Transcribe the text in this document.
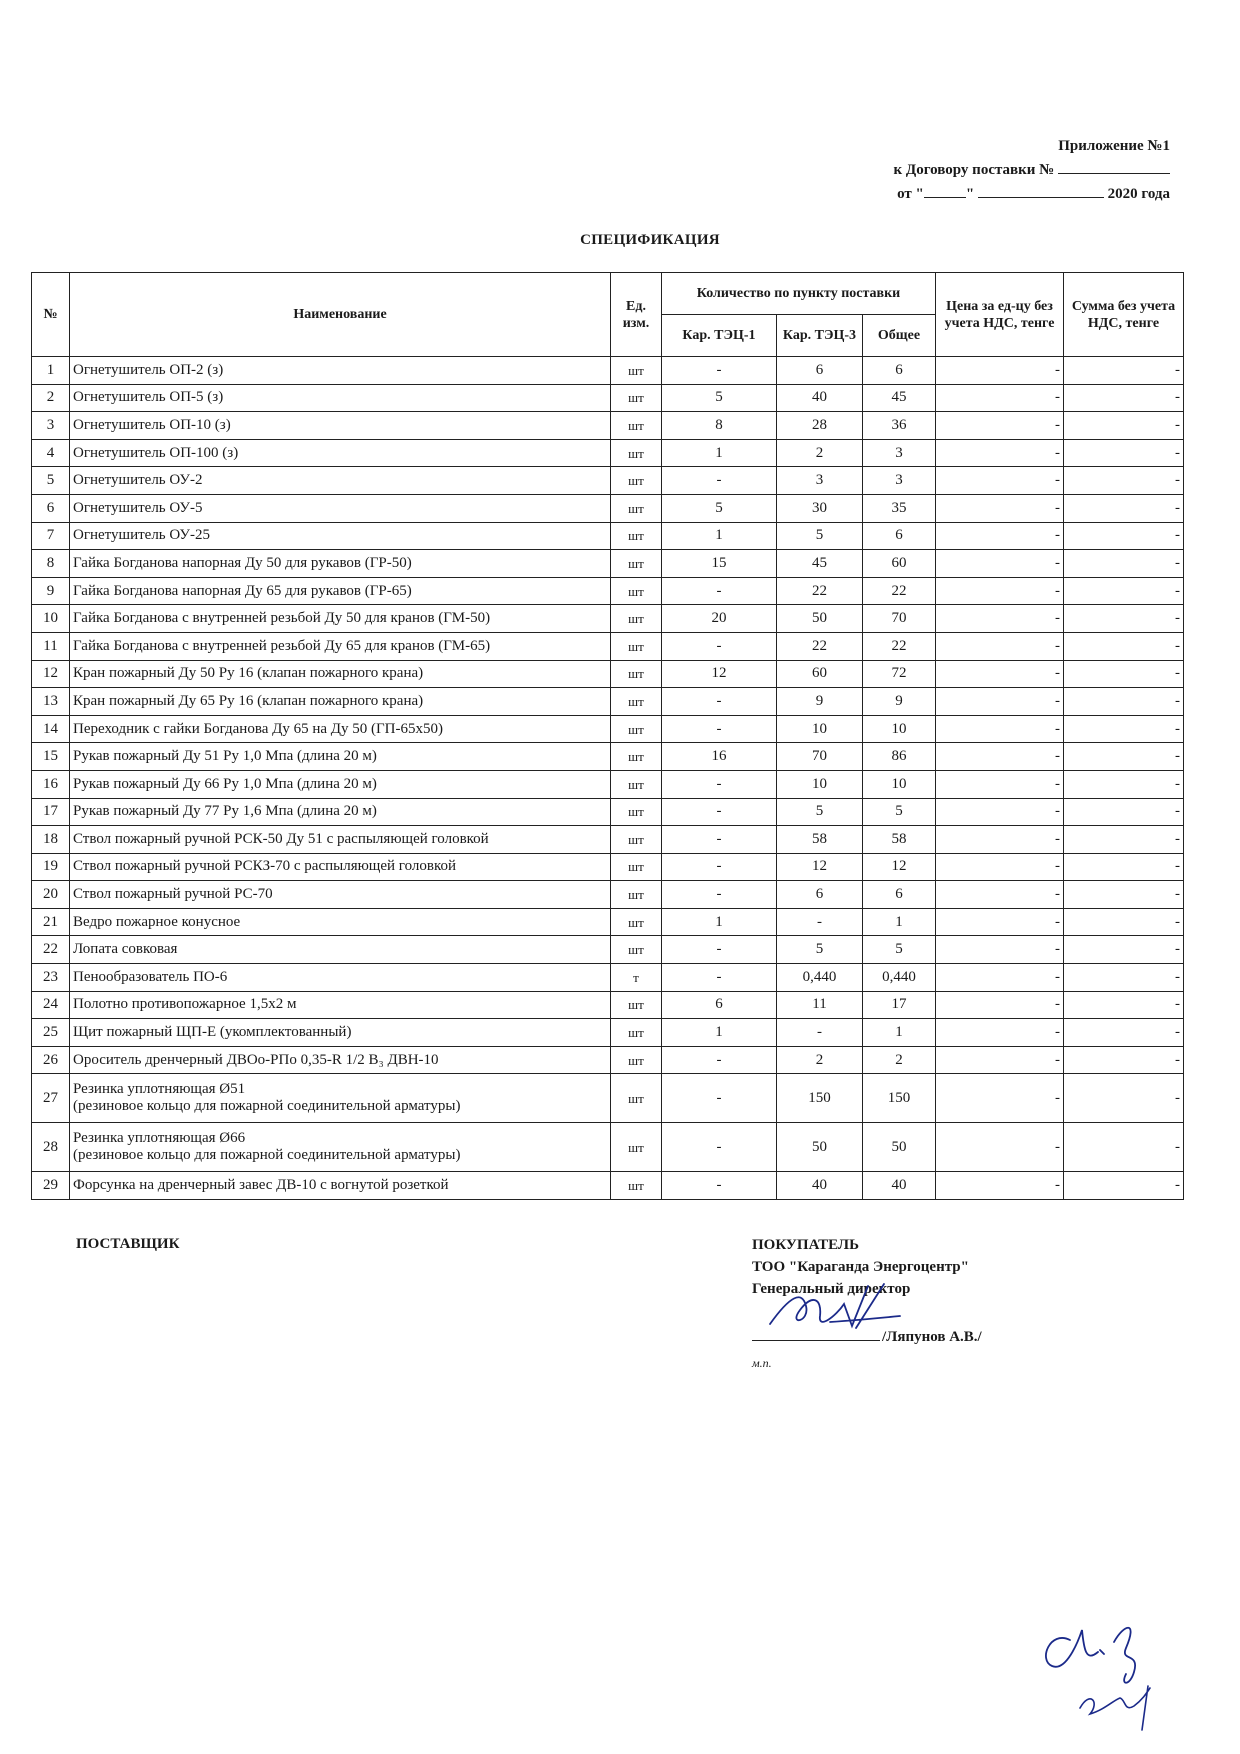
Приложение №1
к Договору поставки №
от "	"	2020 года
СПЕЦИФИКАЦИЯ
№	Наименование	Ед. изм.	Количество по пункту поставки			Цена за ед-цу без учета НДС, тенге	Сумма без учета НДС, тенге
			Кар. ТЭЦ-1	Кар. ТЭЦ-3	Общее		
1	Огнетушитель ОП-2 (з)	шт	-	6	6	-	-
2	Огнетушитель ОП-5 (з)	шт	5	40	45	-	-
3	Огнетушитель ОП-10 (з)	шт	8	28	36	-	-
4	Огнетушитель ОП-100 (з)	шт	1	2	3	-	-
5	Огнетушитель ОУ-2	шт	-	3	3	-	-
6	Огнетушитель ОУ-5	шт	5	30	35	-	-
7	Огнетушитель ОУ-25	шт	1	5	6	-	-
8	Гайка Богданова напорная Ду 50 для рукавов (ГР-50)	шт	15	45	60	-	-
9	Гайка Богданова напорная Ду 65 для рукавов (ГР-65)	шт	-	22	22	-	-
10	Гайка Богданова с внутренней резьбой Ду 50 для кранов (ГМ-50)	шт	20	50	70	-	-
11	Гайка Богданова с внутренней резьбой Ду 65 для кранов (ГМ-65)	шт	-	22	22	-	-
12	Кран пожарный Ду 50 Ру 16 (клапан пожарного крана)	шт	12	60	72	-	-
13	Кран пожарный Ду 65 Ру 16 (клапан пожарного крана)	шт	-	9	9	-	-
14	Переходник с гайки Богданова Ду 65 на Ду 50 (ГП-65х50)	шт	-	10	10	-	-
15	Рукав пожарный Ду 51 Ру 1,0 Мпа (длина 20 м)	шт	16	70	86	-	-
16	Рукав пожарный Ду 66 Ру 1,0 Мпа (длина 20 м)	шт	-	10	10	-	-
17	Рукав пожарный Ду 77 Ру 1,6 Мпа (длина 20 м)	шт	-	5	5	-	-
18	Ствол пожарный ручной РСК-50 Ду 51 с распыляющей головкой	шт	-	58	58	-	-
19	Ствол пожарный ручной РСКЗ-70 с распыляющей головкой	шт	-	12	12	-	-
20	Ствол пожарный ручной РС-70	шт	-	6	6	-	-
21	Ведро пожарное конусное	шт	1	-	1	-	-
22	Лопата совковая	шт	-	5	5	-	-
23	Пенообразователь ПО-6	т	-	0,440	0,440	-	-
24	Полотно противопожарное 1,5х2 м	шт	6	11	17	-	-
25	Щит пожарный ЩП-Е (укомплектованный)	шт	1	-	1	-	-
26	Ороситель дренчерный ДВОо-РПо 0,35-R 1/2 В₃ ДВН-10	шт	-	2	2	-	-
27	Резинка уплотняющая Ø51
(резиновое кольцо для пожарной соединительной арматуры)	шт	-	150	150	-	-
28	Резинка уплотняющая Ø66
(резиновое кольцо для пожарной соединительной арматуры)	шт	-	50	50	-	-
29	Форсунка на дренчерный завес ДВ-10 с вогнутой розеткой	шт	-	40	40	-	-
ПОСТАВЩИК	ПОКУПАТЕЛЬ
ТОО "Караганда Энергоцентр"
Генеральный директор
/Ляпунов А.В./
м.п.
